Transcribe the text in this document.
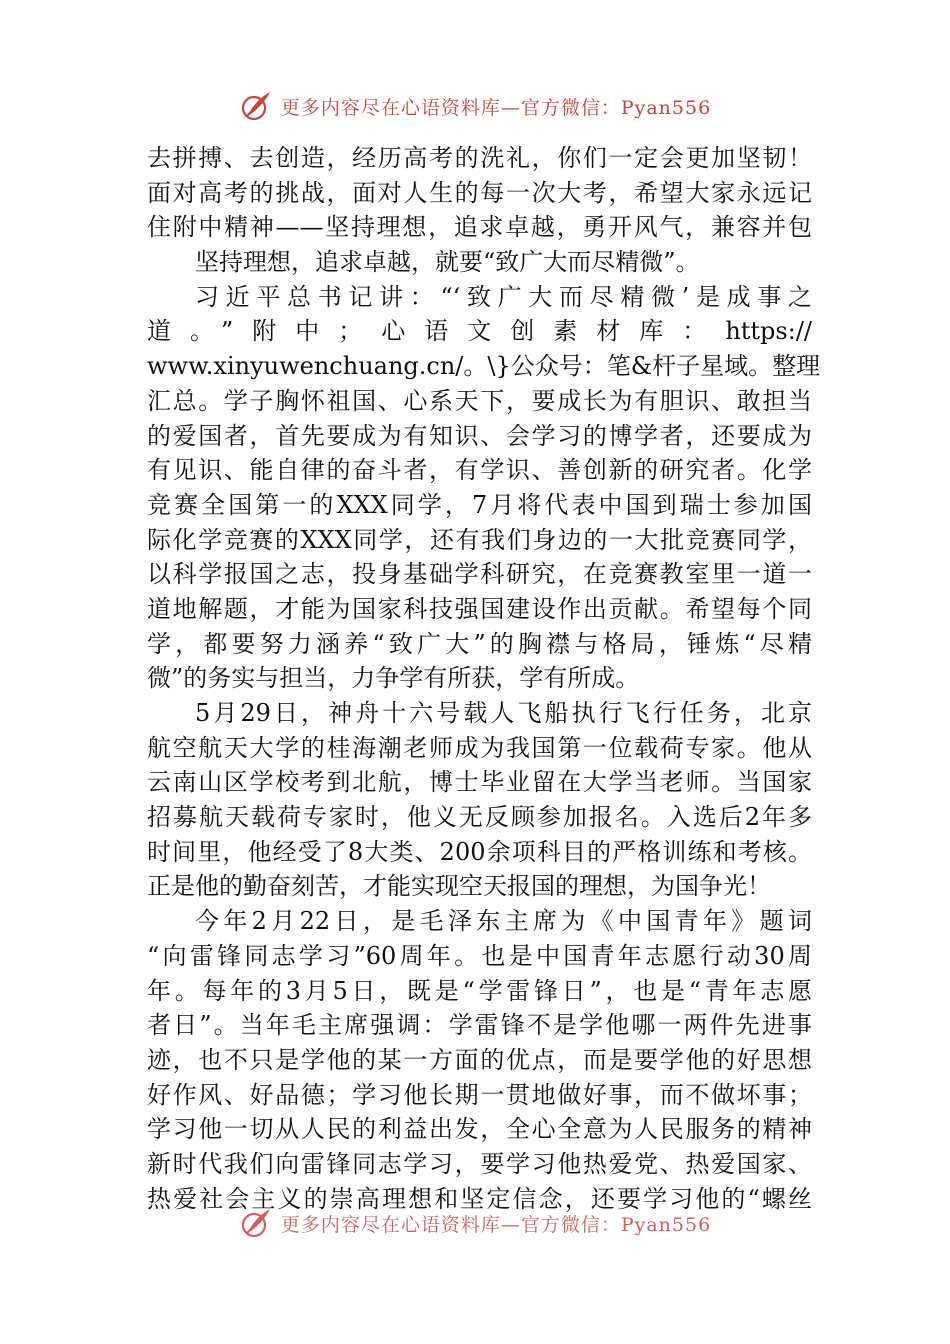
更多内容尽在心语资料库—官方微信：Pyan556
去拼搏、去创造，经历高考的洗礼，你们一定会更加坚韧！
面对高考的挑战，面对人生的每一次大考，希望大家永远记
住附中精神——坚持理想，追求卓越，勇开风气，兼容并包
坚持理想，追求卓越，就要“致广大而尽精微”。
习近平总书记讲：“‘致广大而尽精微’是成事之
道。”附中；心语文创素材库：https://
www.xinyuwenchuang.cn/。\}公众号：笔&杆子星域。整理
汇总。学子胸怀祖国、心系天下，要成长为有胆识、敢担当
的爱国者，首先要成为有知识、会学习的博学者，还要成为
有见识、能自律的奋斗者，有学识、善创新的研究者。化学
竞赛全国第一的XXX同学，7月将代表中国到瑞士参加国
际化学竞赛的XXX同学，还有我们身边的一大批竞赛同学，
以科学报国之志，投身基础学科研究，在竞赛教室里一道一
道地解题，才能为国家科技强国建设作出贡献。希望每个同
学，都要努力涵养“致广大”的胸襟与格局，锤炼“尽精
微”的务实与担当，力争学有所获，学有所成。
5月29日，神舟十六号载人飞船执行飞行任务，北京
航空航天大学的桂海潮老师成为我国第一位载荷专家。他从
云南山区学校考到北航，博士毕业留在大学当老师。当国家
招募航天载荷专家时，他义无反顾参加报名。入选后2年多
时间里，他经受了8大类、200余项科目的严格训练和考核。
正是他的勤奋刻苦，才能实现空天报国的理想，为国争光！
今年2月22日，是毛泽东主席为《中国青年》题词
“向雷锋同志学习”60周年。也是中国青年志愿行动30周
年。每年的3月5日，既是“学雷锋日”，也是“青年志愿
者日”。当年毛主席强调：学雷锋不是学他哪一两件先进事
迹，也不只是学他的某一方面的优点，而是要学他的好思想
好作风、好品德；学习他长期一贯地做好事，而不做坏事；
学习他一切从人民的利益出发，全心全意为人民服务的精神
新时代我们向雷锋同志学习，要学习他热爱党、热爱国家、
热爱社会主义的崇高理想和坚定信念，还要学习他的“螺丝
更多内容尽在心语资料库—官方微信：Pyan556
